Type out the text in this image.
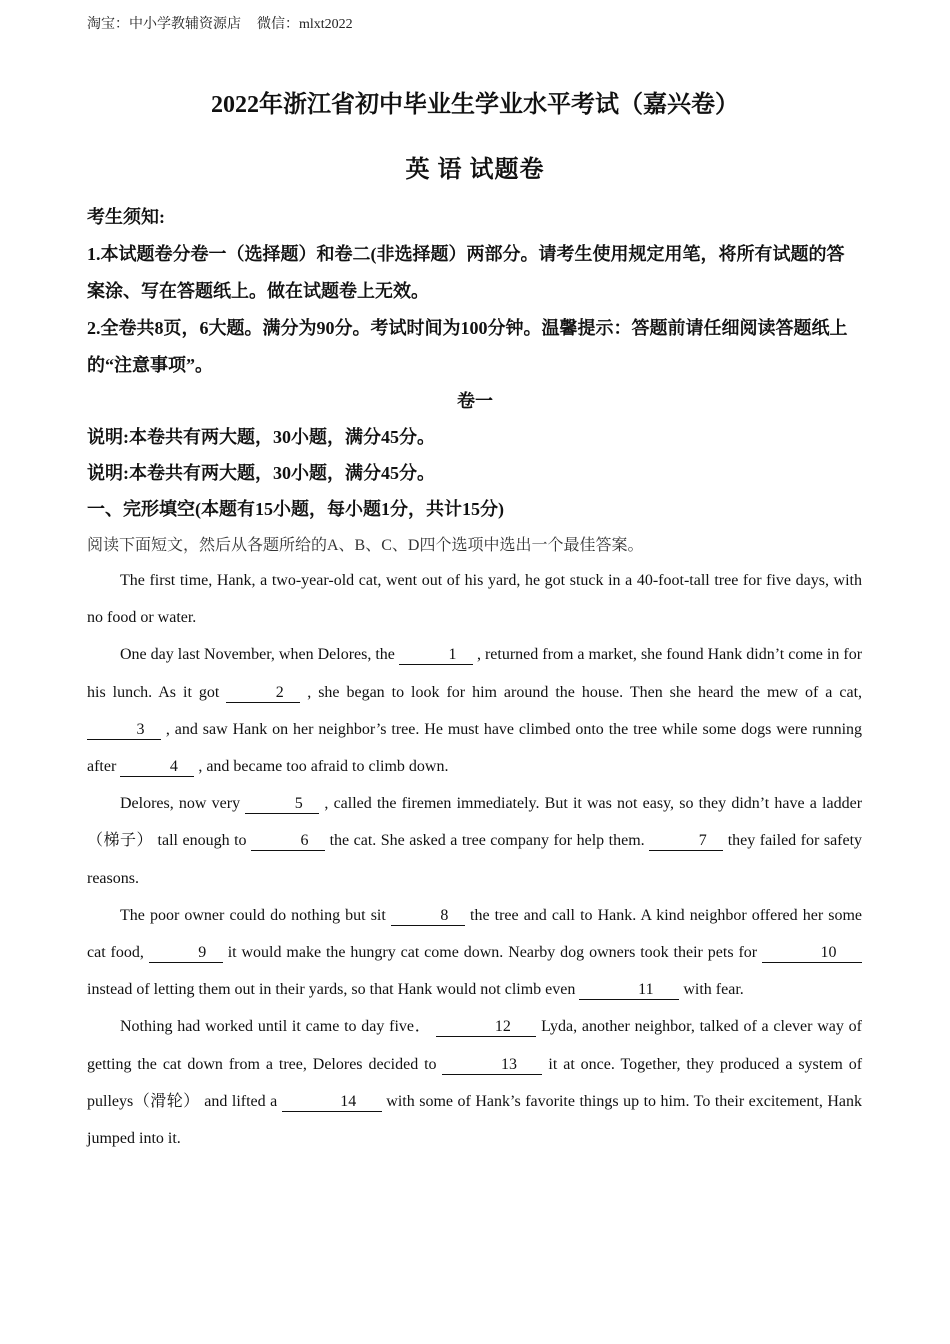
淘宝：中小学教辅资源店 微信：mlxt2022
2022年浙江省初中毕业生学业水平考试（嘉兴卷）
英 语 试题卷
考生须知:
1.本试题卷分卷一（选择题）和卷二(非选择题）两部分。请考生使用规定用笔，将所有试题的答案涂、写在答题纸上。做在试题卷上无效。
2.全卷共8页，6大题。满分为90分。考试时间为100分钟。温馨提示：答题前请任细阅读答题纸上的“注意事项”。
卷一
说明:本卷共有两大题，30小题，满分45分。
说明:本卷共有两大题，30小题，满分45分。
一、完形填空(本题有15小题，每小题1分，共计15分)
阅读下面短文，然后从各题所给的A、B、C、D四个选项中选出一个最佳答案。

The first time, Hank, a two-year-old cat, went out of his yard, he got stuck in a 40-foot-tall tree for five days, with no food or water.

One day last November, when Delores, the	1 , returned from a market, she found Hank didn’t come in for his lunch. As it got	2 , she began to look for him around the house. Then she heard the mew of a cat, 3 , and saw Hank on her neighbor’s tree. He must have climbed onto the tree while some dogs were running after	4 , and became too afraid to climb down.

Delores, now very	5 , called the firemen immediately. But it was not easy, so they didn’t have a ladder（梯子） tall enough to	6 the cat. She asked a tree company for help them.	7 they failed for safety reasons.

The poor owner could do nothing but sit	8 the tree and call to Hank. A kind neighbor offered her some cat food,	9 it would make the hungry cat come down. Nearby dog owners took their pets for	10 instead of letting them out in their yards, so that Hank would not climb even	11 with fear.

Nothing had worked until it came to day five．	12 Lyda, another neighbor, talked of a clever way of getting the cat down from a tree, Delores decided to	13 it at once. Together, they produced a system of pulleys（滑轮） and lifted a	14 with some of Hank’s favorite things up to him. To their excitement, Hank jumped into it.
